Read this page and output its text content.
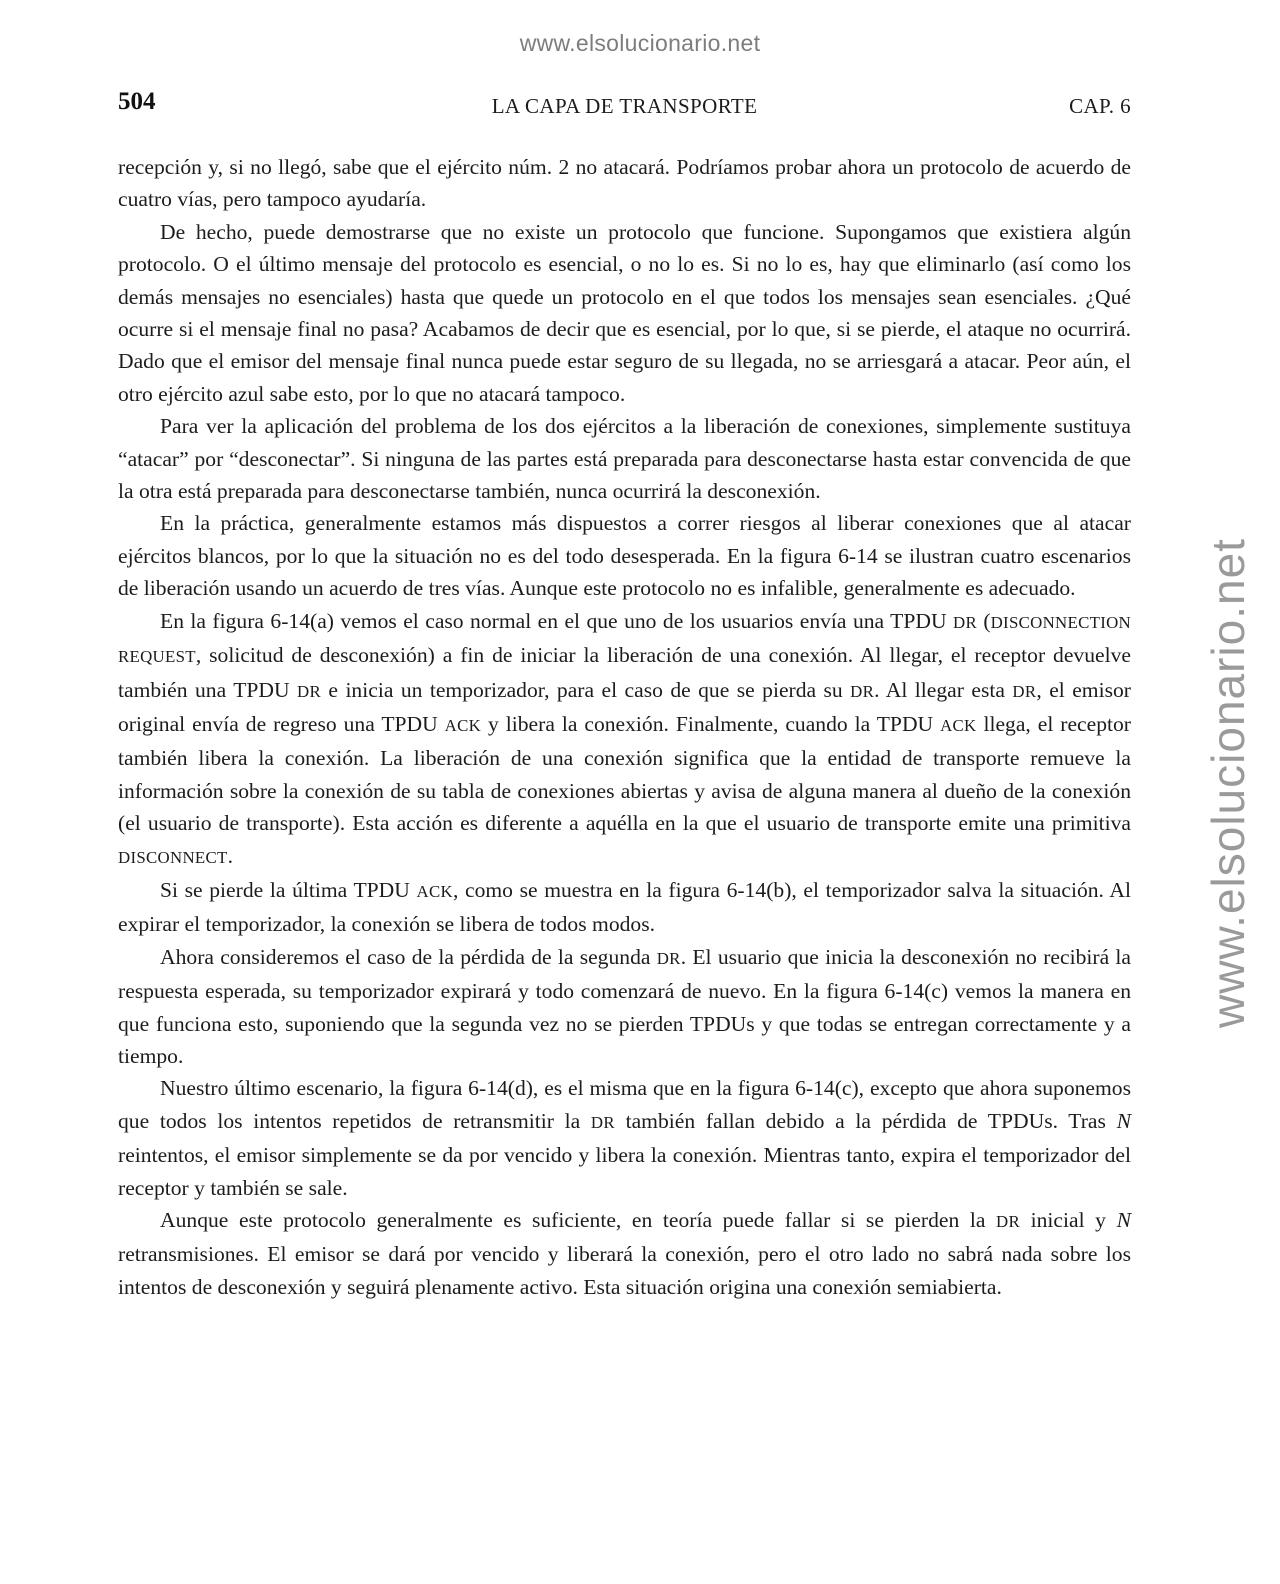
www.elsolucionario.net
www.elsolucionario.net
504	LA CAPA DE TRANSPORTE	CAP. 6

recepción y, si no llegó, sabe que el ejército núm. 2 no atacará. Podríamos probar ahora un protocolo de acuerdo de cuatro vías, pero tampoco ayudaría.

De hecho, puede demostrarse que no existe un protocolo que funcione. Supongamos que existiera algún protocolo. O el último mensaje del protocolo es esencial, o no lo es. Si no lo es, hay que eliminarlo (así como los demás mensajes no esenciales) hasta que quede un protocolo en el que todos los mensajes sean esenciales. ¿Qué ocurre si el mensaje final no pasa? Acabamos de decir que es esencial, por lo que, si se pierde, el ataque no ocurrirá. Dado que el emisor del mensaje final nunca puede estar seguro de su llegada, no se arriesgará a atacar. Peor aún, el otro ejército azul sabe esto, por lo que no atacará tampoco.

Para ver la aplicación del problema de los dos ejércitos a la liberación de conexiones, simplemente sustituya “atacar” por “desconectar”. Si ninguna de las partes está preparada para desconectarse hasta estar convencida de que la otra está preparada para desconectarse también, nunca ocurrirá la desconexión.

En la práctica, generalmente estamos más dispuestos a correr riesgos al liberar conexiones que al atacar ejércitos blancos, por lo que la situación no es del todo desesperada. En la figura 6-14 se ilustran cuatro escenarios de liberación usando un acuerdo de tres vías. Aunque este protocolo no es infalible, generalmente es adecuado.

En la figura 6-14(a) vemos el caso normal en el que uno de los usuarios envía una TPDU DR (DISCONNECTION REQUEST, solicitud de desconexión) a fin de iniciar la liberación de una conexión. Al llegar, el receptor devuelve también una TPDU DR e inicia un temporizador, para el caso de que se pierda su DR. Al llegar esta DR, el emisor original envía de regreso una TPDU ACK y libera la conexión. Finalmente, cuando la TPDU ACK llega, el receptor también libera la conexión. La liberación de una conexión significa que la entidad de transporte remueve la información sobre la conexión de su tabla de conexiones abiertas y avisa de alguna manera al dueño de la conexión (el usuario de transporte). Esta acción es diferente a aquélla en la que el usuario de transporte emite una primitiva DISCONNECT.

Si se pierde la última TPDU ACK, como se muestra en la figura 6-14(b), el temporizador salva la situación. Al expirar el temporizador, la conexión se libera de todos modos.

Ahora consideremos el caso de la pérdida de la segunda DR. El usuario que inicia la desconexión no recibirá la respuesta esperada, su temporizador expirará y todo comenzará de nuevo. En la figura 6-14(c) vemos la manera en que funciona esto, suponiendo que la segunda vez no se pierden TPDUs y que todas se entregan correctamente y a tiempo.

Nuestro último escenario, la figura 6-14(d), es el misma que en la figura 6-14(c), excepto que ahora suponemos que todos los intentos repetidos de retransmitir la DR también fallan debido a la pérdida de TPDUs. Tras N reintentos, el emisor simplemente se da por vencido y libera la conexión. Mientras tanto, expira el temporizador del receptor y también se sale.

Aunque este protocolo generalmente es suficiente, en teoría puede fallar si se pierden la DR inicial y N retransmisiones. El emisor se dará por vencido y liberará la conexión, pero el otro lado no sabrá nada sobre los intentos de desconexión y seguirá plenamente activo. Esta situación origina una conexión semiabierta.
